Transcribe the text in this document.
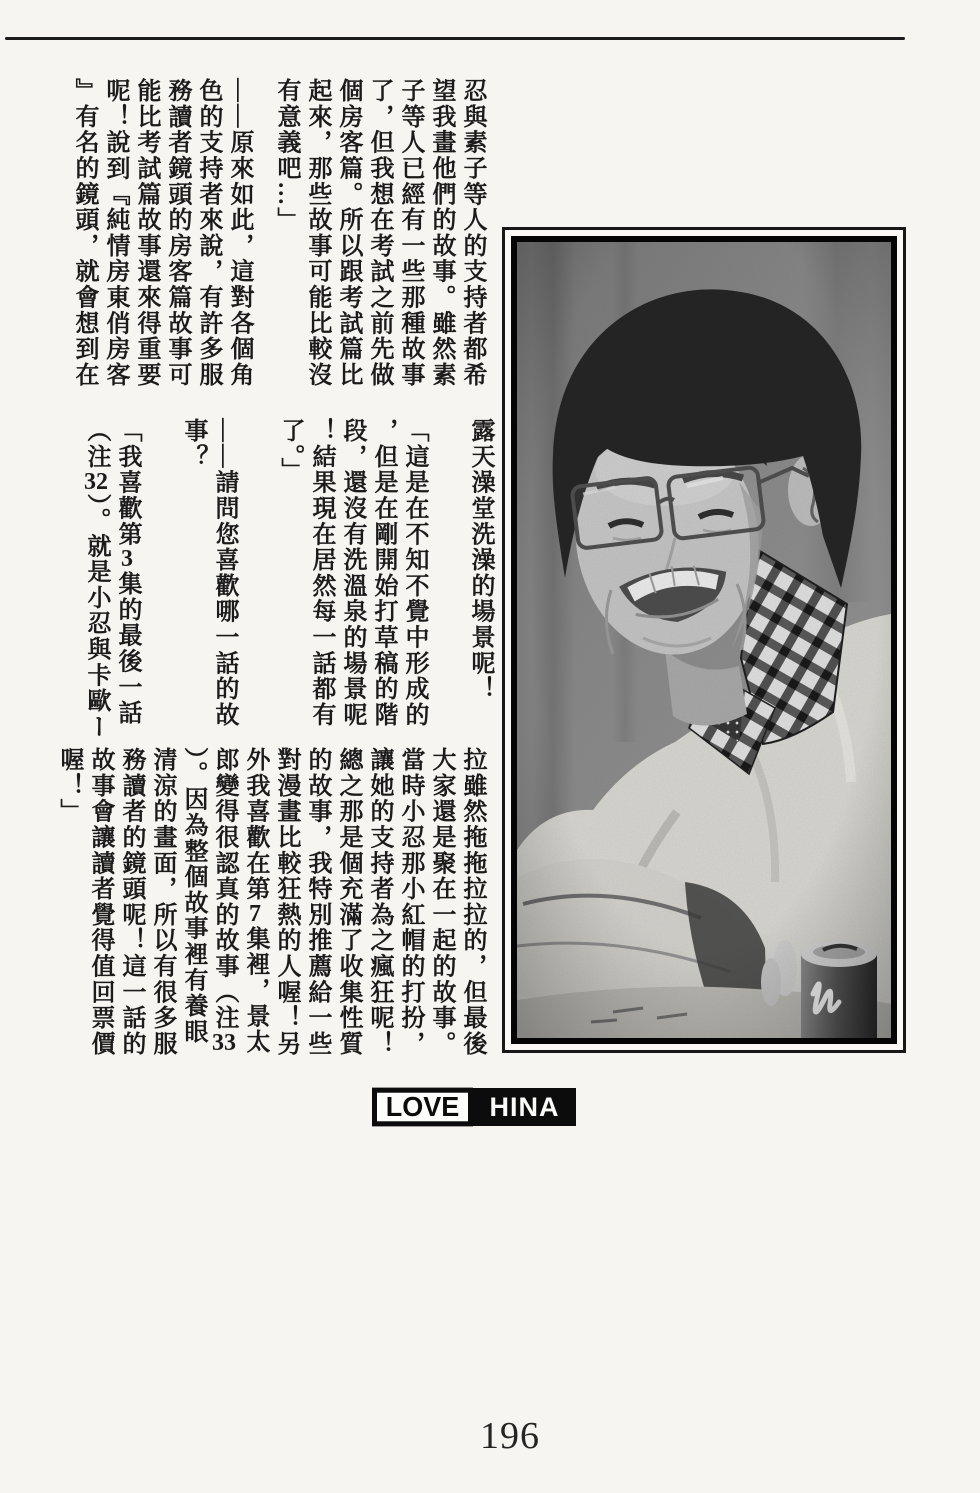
忍與素子等人的支持者都希
望我畫他們的故事。雖然素
子等人已經有一些那種故事
了，但我想在考試之前先做
個房客篇。所以跟考試篇比
起來，那些故事可能比較沒
有意義吧…」
——原來如此，這對各個角
色的支持者來說，有許多服
務讀者鏡頭的房客篇故事可
能比考試篇故事還來得重要
呢！說到『純情房東俏房客
』有名的鏡頭，就會想到在
露天澡堂洗澡的場景呢！
「這是在不知不覺中形成的
，但是在剛開始打草稿的階
段，還沒有洗溫泉的場景呢
！結果現在居然每一話都有
了。」
——請問您喜歡哪一話的故
事？
「我喜歡第3集的最後一話
（注32）。就是小忍與卡歐ー
拉雖然拖拖拉拉的，但最後
大家還是聚在一起的故事。
當時小忍那小紅帽的打扮，
讓她的支持者為之瘋狂呢！
總之那是個充滿了收集性質
的故事，我特別推薦給一些
對漫畫比較狂熱的人喔！另
外我喜歡在第7集裡，景太
郎變得很認真的故事（注33
）。因為整個故事裡有養眼
清涼的畫面，所以有很多服
務讀者的鏡頭呢！這一話的
故事會讓讀者覺得值回票價
喔！」
LOVE	HINA
196
